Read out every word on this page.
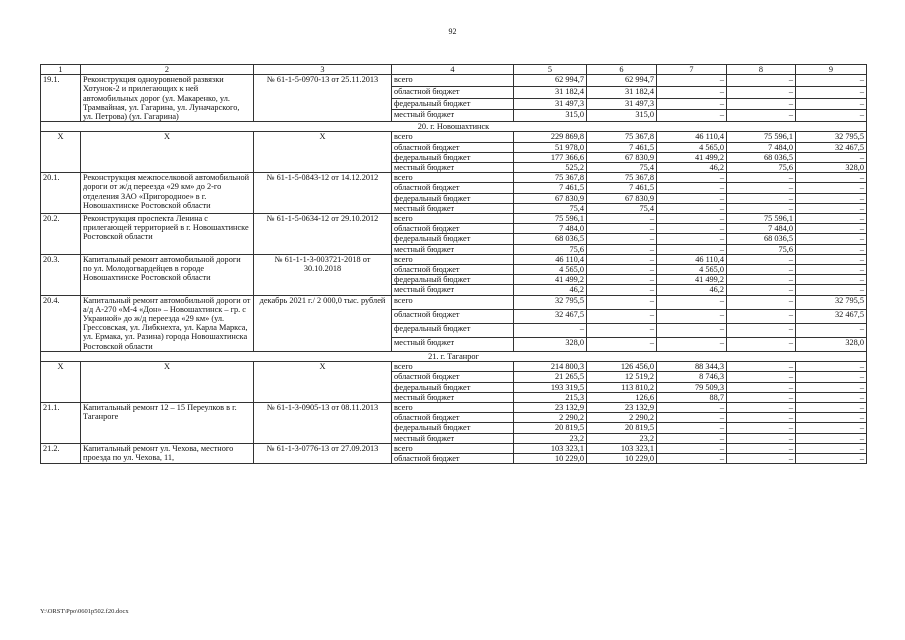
92
1	2	3	4	5	6	7	8	9
19.1.	Реконструкция одноуровневой развязки Хотунок-2 и прилегающих к ней автомобильных дорог (ул. Макаренко, ул. Трамвайная, ул. Гагарина, ул. Луначарского, ул. Петрова) (ул. Гагарина)	№ 61-1-5-0970-13 от 25.11.2013	всего	62 994,7	62 994,7	–	–	–
			областной бюджет	31 182,4	31 182,4	–	–	–
			федеральный бюджет	31 497,3	31 497,3	–	–	–
			местный бюджет	315,0	315,0	–	–	–
20. г. Новошахтинск								
Х	Х	Х	всего	229 869,8	75 367,8	46 110,4	75 596,1	32 795,5
			областной бюджет	51 978,0	7 461,5	4 565,0	7 484,0	32 467,5
			федеральный бюджет	177 366,6	67 830,9	41 499,2	68 036,5	–
			местный бюджет	525,2	75,4	46,2	75,6	328,0
20.1.	Реконструкция межпоселковой автомобильной дороги от ж/д переезда «29 км» до 2-го отделения ЗАО «Пригородное» в г. Новошахтинске Ростовской области	№ 61-1-5-0843-12 от 14.12.2012	всего	75 367,8	75 367,8	–	–	–
			областной бюджет	7 461,5	7 461,5	–	–	–
			федеральный бюджет	67 830,9	67 830,9	–	–	–
			местный бюджет	75,4	75,4	–	–	–
20.2.	Реконструкция проспекта Ленина с прилегающей территорией в г. Новошахтинске Ростовской области	№ 61-1-5-0634-12 от 29.10.2012	всего	75 596,1	–	–	75 596,1	–
			областной бюджет	7 484,0	–	–	7 484,0	–
			федеральный бюджет	68 036,5	–	–	68 036,5	–
			местный бюджет	75,6	–	–	75,6	–
20.3.	Капитальный ремонт автомобильной дороги по ул. Молодогвардейцев в городе Новошахтинске Ростовской области	№ 61-1-1-3-003721-2018 от 30.10.2018	всего	46 110,4	–	46 110,4	–	–
			областной бюджет	4 565,0	–	4 565,0	–	–
			федеральный бюджет	41 499,2	–	41 499,2	–	–
			местный бюджет	46,2	–	46,2	–	–
20.4.	Капитальный ремонт автомобильной дороги от а/д А-270 «М-4 «Дон» – Новошахтинск – гр. с Украиной» до ж/д переезда «29 км» (ул. Грессовская, ул. Либкнехта, ул. Карла Маркса, ул. Ермака, ул. Разина) города Новошахтинска Ростовской области	декабрь 2021 г./ 2 000,0 тыс. рублей	всего	32 795,5	–	–	–	32 795,5
			областной бюджет	32 467,5	–	–	–	32 467,5
			федеральный бюджет	–	–	–	–	–
			местный бюджет	328,0	–	–	–	328,0
21. г. Таганрог								
Х	Х	Х	всего	214 800,3	126 456,0	88 344,3	–	–
			областной бюджет	21 265,5	12 519,2	8 746,3	–	–
			федеральный бюджет	193 319,5	113 810,2	79 509,3	–	–
			местный бюджет	215,3	126,6	88,7	–	–
21.1.	Капитальный ремонт 12 – 15 Переулков в г. Таганроге	№ 61-1-3-0905-13 от 08.11.2013	всего	23 132,9	23 132,9	–	–	–
			областной бюджет	2 290,2	2 290,2	–	–	–
			федеральный бюджет	20 819,5	20 819,5	–	–	–
			местный бюджет	23,2	23,2	–	–	–
21.2.	Капитальный ремонт ул. Чехова, местного проезда по ул. Чехова, 11,	№ 61-1-3-0776-13 от 27.09.2013	всего	103 323,1	103 323,1	–	–	–
			областной бюджет	10 229,0	10 229,0	–	–	–
Y:\ORST\Ppo\0601p502.f20.docx
